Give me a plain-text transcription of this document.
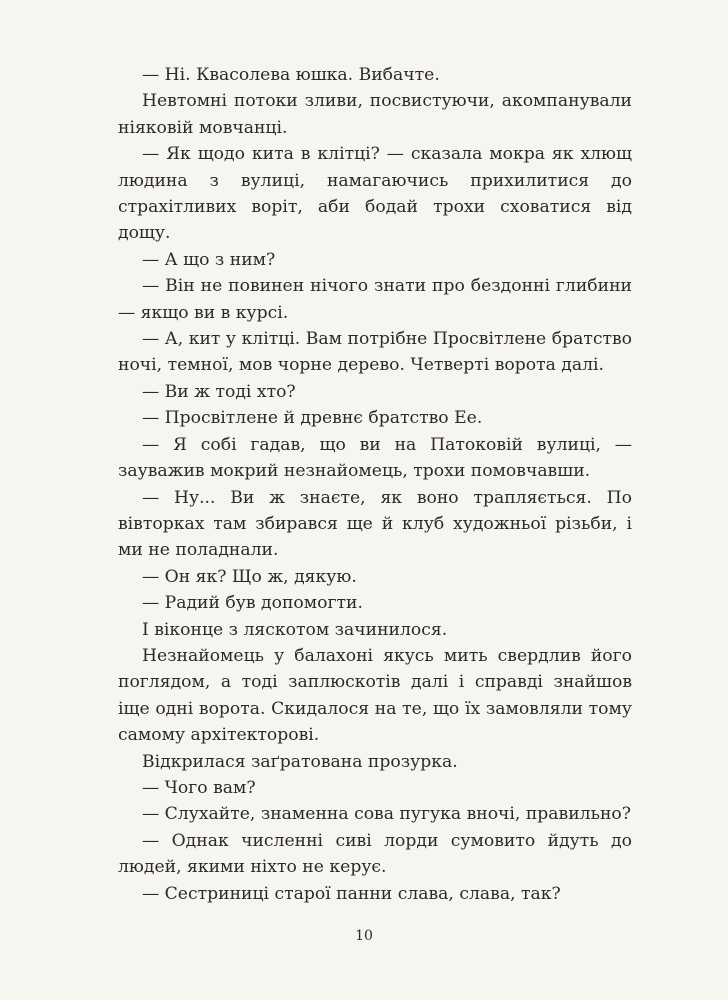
— Ні. Квасолева юшка. Вибачте.

Невтомні потоки зливи, посвистуючи, акомпанували ніяковій мовчанці.

— Як щодо кита в клітці? — сказала мокра як хлющ людина з вулиці, намагаючись прихилитися до страхітливих воріт, аби бодай трохи сховатися від дощу.

— А що з ним?

— Він не повинен нічого знати про бездонні глибини — якщо ви в курсі.

— А, кит у клітці. Вам потрібне Просвітлене братство ночі, темної, мов чорне дерево. Четверті ворота далі.

— Ви ж тоді хто?

— Просвітлене й древнє братство Ее.

— Я собі гадав, що ви на Патоковій вулиці, — зауважив мокрий незнайомець, трохи помовчавши.

— Ну... Ви ж знаєте, як воно трапляється. По вівторках там збирався ще й клуб художньої різьби, і ми не поладнали.

— Он як? Що ж, дякую.

— Радий був допомогти.

І віконце з ляскотом зачинилося.

Незнайомець у балахоні якусь мить свердлив його поглядом, а тоді заплюскотів далі і справді знайшов іще одні ворота. Скидалося на те, що їх замовляли тому самому архітекторові.

Відкрилася заґратована прозурка.

— Чого вам?

— Слухайте, знаменна сова пугука вночі, правильно?

— Однак численні сиві лорди сумовито йдуть до людей, якими ніхто не керує.

— Сестриниці старої панни слава, слава, так?

10
